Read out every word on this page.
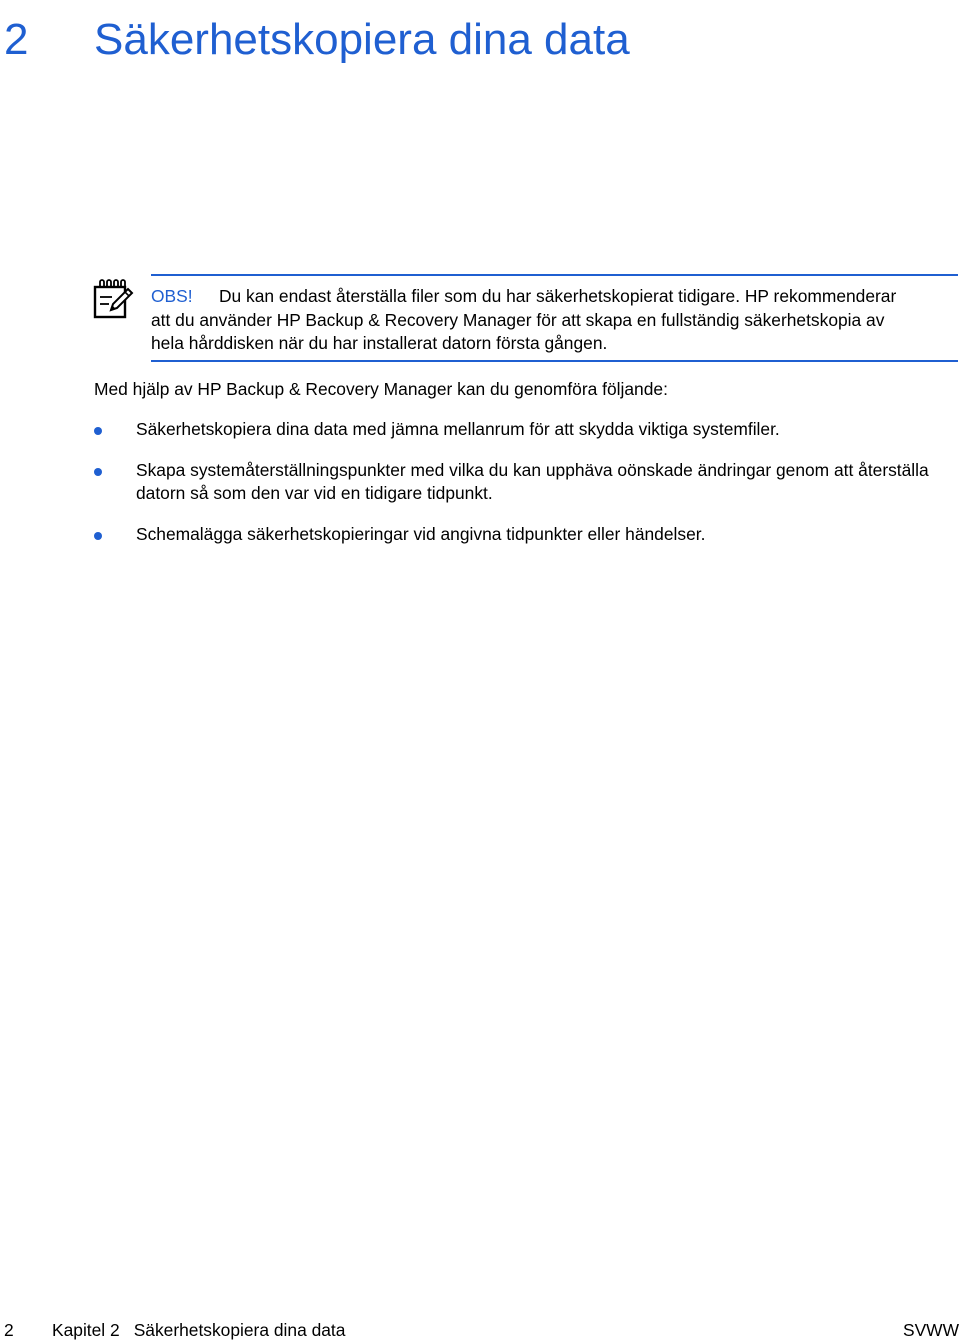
2 Säkerhetskopiera dina data

OBS! Du kan endast återställa filer som du har säkerhetskopierat tidigare. HP rekommenderar
att du använder HP Backup & Recovery Manager för att skapa en fullständig säkerhetskopia av
hela hårddisken när du har installerat datorn första gången.

Med hjälp av HP Backup & Recovery Manager kan du genomföra följande:

Säkerhetskopiera dina data med jämna mellanrum för att skydda viktiga systemfiler.
Skapa systemåterställningspunkter med vilka du kan upphäva oönskade ändringar genom att återställa datorn så som den var vid en tidigare tidpunkt.
Schemalägga säkerhetskopieringar vid angivna tidpunkter eller händelser.
2 Kapitel 2 Säkerhetskopiera dina data	SVWW
